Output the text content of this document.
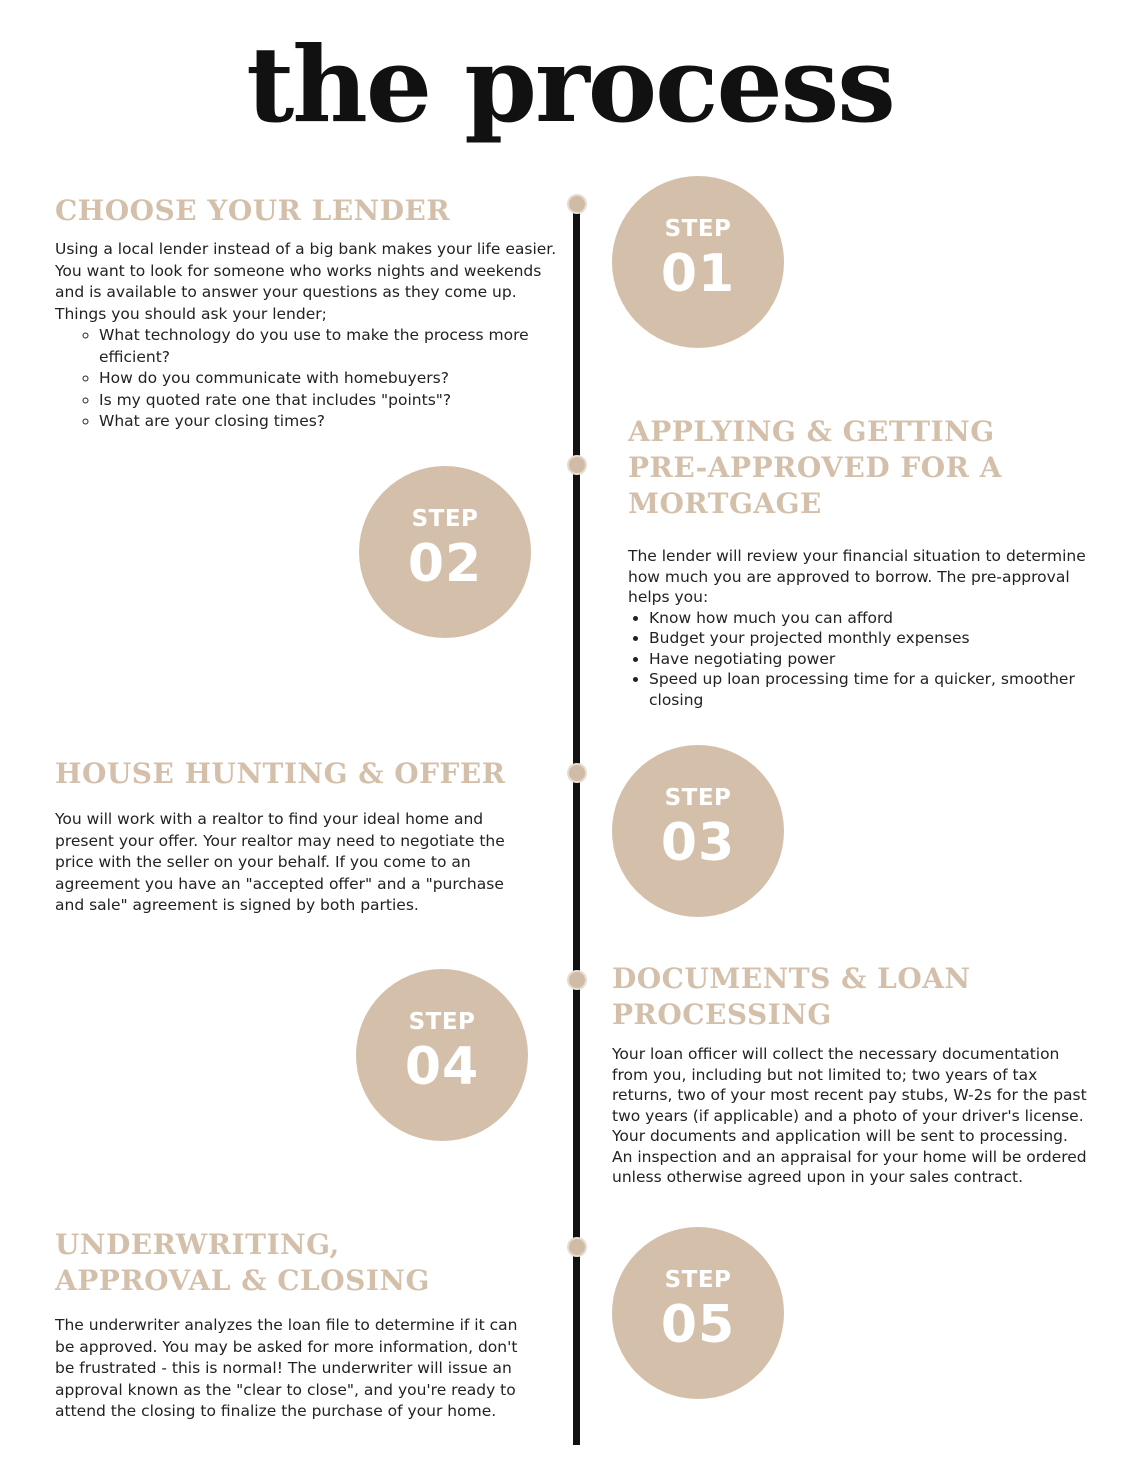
the process
CHOOSE YOUR LENDER

Using a local lender instead of a big bank makes your life easier. You want to look for someone who works nights and weekends and is available to answer your questions as they come up. Things you should ask your lender;

◦ What technology do you use to make the process more efficient?
◦ How do you communicate with homebuyers?
◦ Is my quoted rate one that includes "points"?
◦ What are your closing times?
STEP
01
STEP
02
APPLYING & GETTING PRE-APPROVED FOR A MORTGAGE

The lender will review your financial situation to determine how much you are approved to borrow. The pre-approval helps you:

• Know how much you can afford
• Budget your projected monthly expenses
• Have negotiating power
• Speed up loan processing time for a quicker, smoother closing
HOUSE HUNTING & OFFER

You will work with a realtor to find your ideal home and present your offer. Your realtor may need to negotiate the price with the seller on your behalf. If you come to an agreement you have an "accepted offer" and a "purchase and sale" agreement is signed by both parties.

STEP
03
STEP
04
DOCUMENTS & LOAN PROCESSING

Your loan officer will collect the necessary documentation from you, including but not limited to; two years of tax returns, two of your most recent pay stubs, W-2s for the past two years (if applicable) and a photo of your driver's license. Your documents and application will be sent to processing. An inspection and an appraisal for your home will be ordered unless otherwise agreed upon in your sales contract.

UNDERWRITING, APPROVAL & CLOSING

The underwriter analyzes the loan file to determine if it can be approved. You may be asked for more information, don't be frustrated - this is normal! The underwriter will issue an approval known as the "clear to close", and you're ready to attend the closing to finalize the purchase of your home.

STEP
05
